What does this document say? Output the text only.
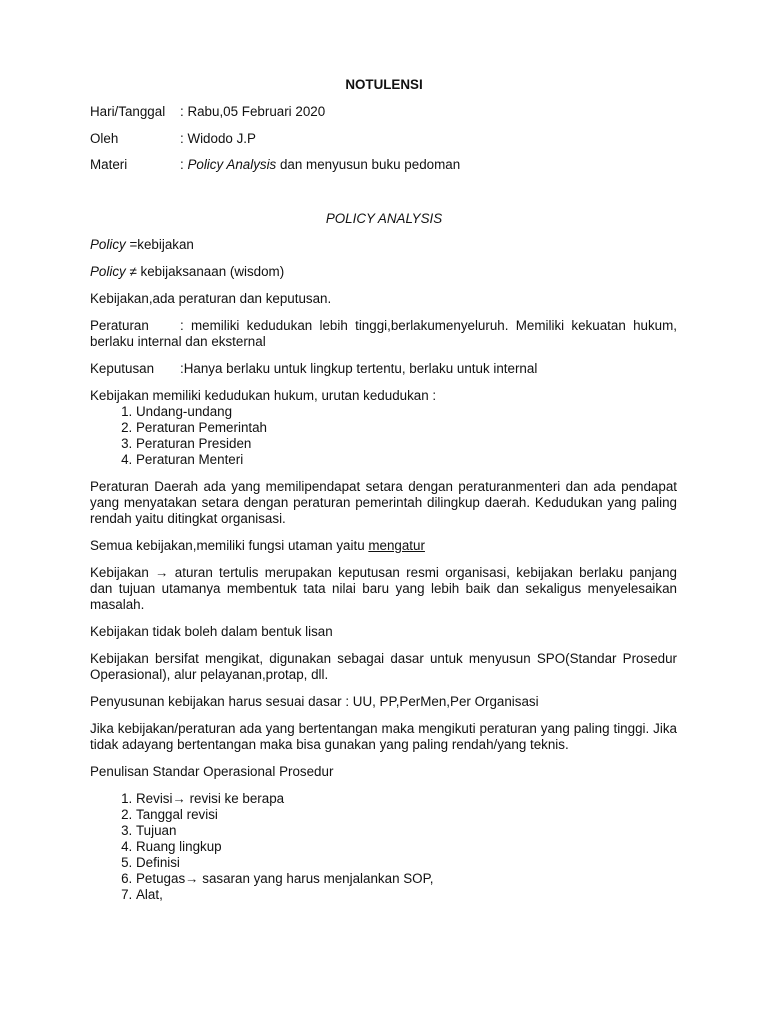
NOTULENSI
Hari/Tanggal : Rabu,05 Februari 2020
Oleh	: Widodo J.P
Materi	: Policy Analysis dan menyusun buku pedoman
POLICY ANALYSIS

Policy =kebijakan

Policy ≠ kebijaksanaan (wisdom)

Kebijakan,ada peraturan dan keputusan.

Peraturan : memiliki kedudukan lebih tinggi,berlakumenyeluruh. Memiliki kekuatan hukum, berlaku internal dan eksternal

Keputusan :Hanya berlaku untuk lingkup tertentu, berlaku untuk internal

Kebijakan memiliki kedudukan hukum, urutan kedudukan :

1. Undang-undang
2. Peraturan Pemerintah
3. Peraturan Presiden
4. Peraturan Menteri

Peraturan Daerah ada yang memilipendapat setara dengan peraturanmenteri dan ada pendapat yang menyatakan setara dengan peraturan pemerintah dilingkup daerah. Kedudukan yang paling rendah yaitu ditingkat organisasi.

Semua kebijakan,memiliki fungsi utaman yaitu mengatur

Kebijakan → aturan tertulis merupakan keputusan resmi organisasi, kebijakan berlaku panjang dan tujuan utamanya membentuk tata nilai baru yang lebih baik dan sekaligus menyelesaikan masalah.

Kebijakan tidak boleh dalam bentuk lisan

Kebijakan bersifat mengikat, digunakan sebagai dasar untuk menyusun SPO(Standar Prosedur Operasional), alur pelayanan,protap, dll.

Penyusunan kebijakan harus sesuai dasar : UU, PP,PerMen,Per Organisasi

Jika kebijakan/peraturan ada yang bertentangan maka mengikuti peraturan yang paling tinggi. Jika tidak adayang bertentangan maka bisa gunakan yang paling rendah/yang teknis.

Penulisan Standar Operasional Prosedur

1. Revisi→ revisi ke berapa
2. Tanggal revisi
3. Tujuan
4. Ruang lingkup
5. Definisi
6. Petugas→ sasaran yang harus menjalankan SOP,
7. Alat,
